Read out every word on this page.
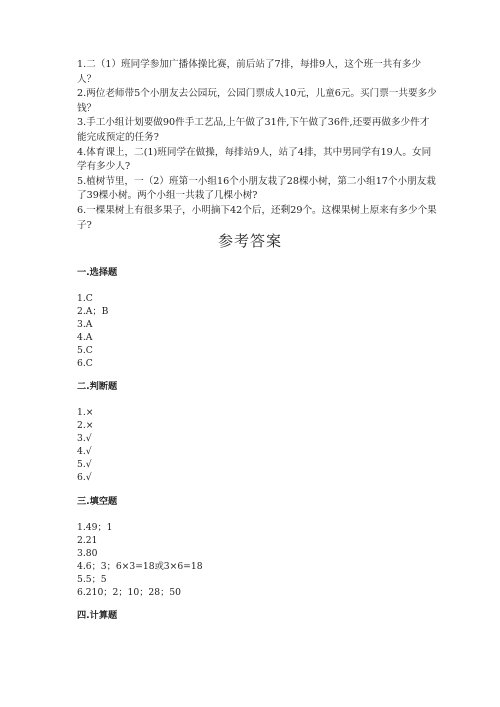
1.二（1）班同学参加广播体操比赛，前后站了7排，每排9人，这个班一共有多少人？

2.两位老师带5个小朋友去公园玩，公园门票成人10元，儿童6元。买门票一共要多少钱？

3.手工小组计划要做90件手工艺品,上午做了31件,下午做了36件,还要再做多少件才能完成预定的任务?

4.体育课上，二(1)班同学在做操，每排站9人，站了4排，其中男同学有19人。女同学有多少人?

5.植树节里，一（2）班第一小组16个小朋友栽了28棵小树，第二小组17个小朋友栽了39棵小树。两个小组一共栽了几棵小树?

6.一棵果树上有很多果子，小明摘下42个后，还剩29个。这棵果树上原来有多少个果子?

参考答案
一.选择题
1.C
2.A；B
3.A
4.A
5.C
6.C
二.判断题
1.×
2.×
3.√
4.√
5.√
6.√
三.填空题
1.49；1
2.21
3.80
4.6；3；6×3=18或3×6=18
5.5；5
6.210；2；10；28；50
四.计算题
